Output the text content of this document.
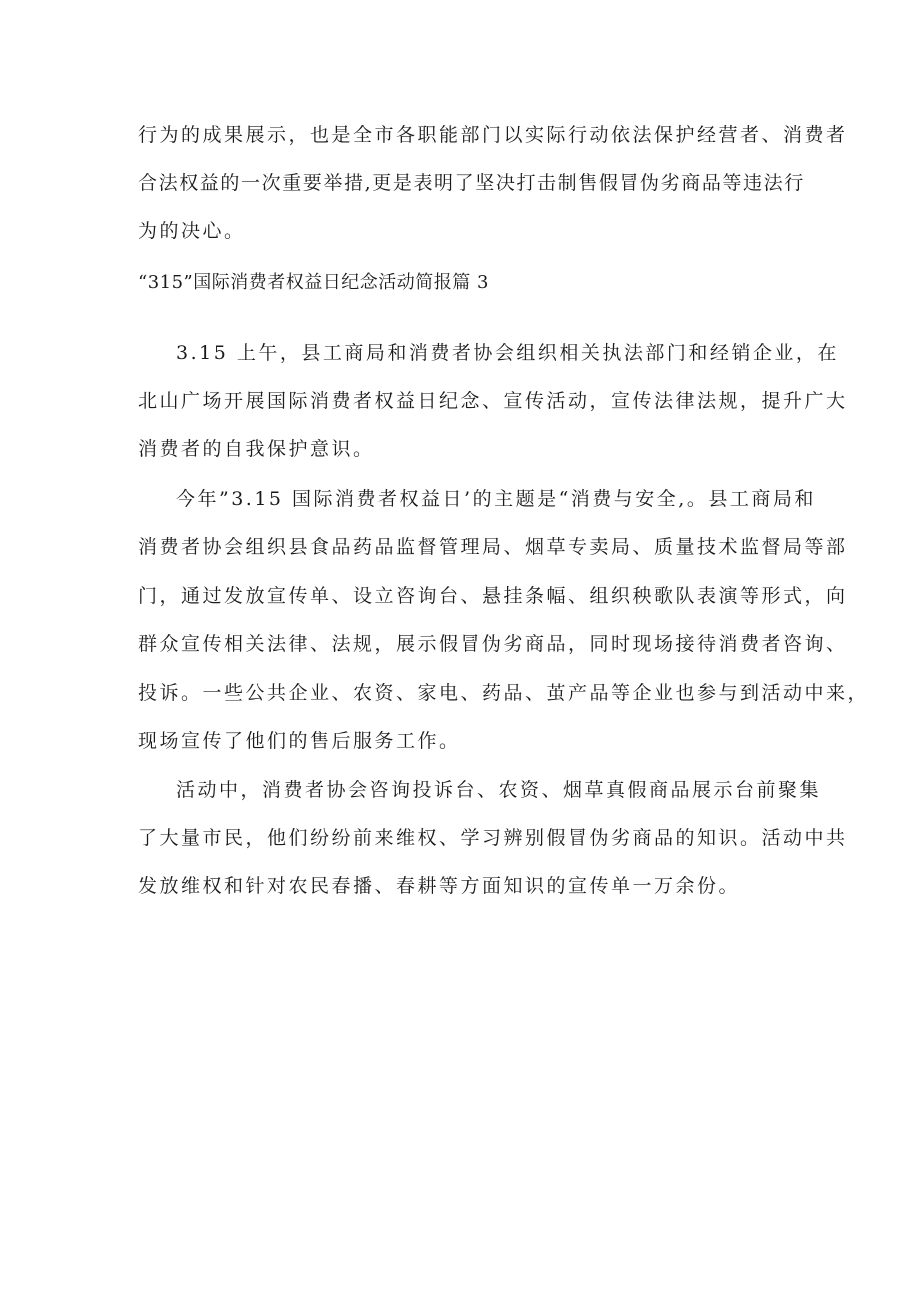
行为的成果展示，也是全市各职能部门以实际行动依法保护经营者、消费者
合法权益的一次重要举措,更是表明了坚决打击制售假冒伪劣商品等违法行
为的决心。
“315”国际消费者权益日纪念活动简报篇 3
3.15 上午，县工商局和消费者协会组织相关执法部门和经销企业，在
北山广场开展国际消费者权益日纪念、宣传活动，宣传法律法规，提升广大
消费者的自我保护意识。
今年”3.15 国际消费者权益日’的主题是“消费与安全,。县工商局和
消费者协会组织县食品药品监督管理局、烟草专卖局、质量技术监督局等部
门，通过发放宣传单、设立咨询台、悬挂条幅、组织秧歌队表演等形式，向
群众宣传相关法律、法规，展示假冒伪劣商品，同时现场接待消费者咨询、
投诉。一些公共企业、农资、家电、药品、茧产品等企业也参与到活动中来，
现场宣传了他们的售后服务工作。
活动中，消费者协会咨询投诉台、农资、烟草真假商品展示台前聚集
了大量市民，他们纷纷前来维权、学习辨别假冒伪劣商品的知识。活动中共
发放维权和针对农民春播、春耕等方面知识的宣传单一万余份。
